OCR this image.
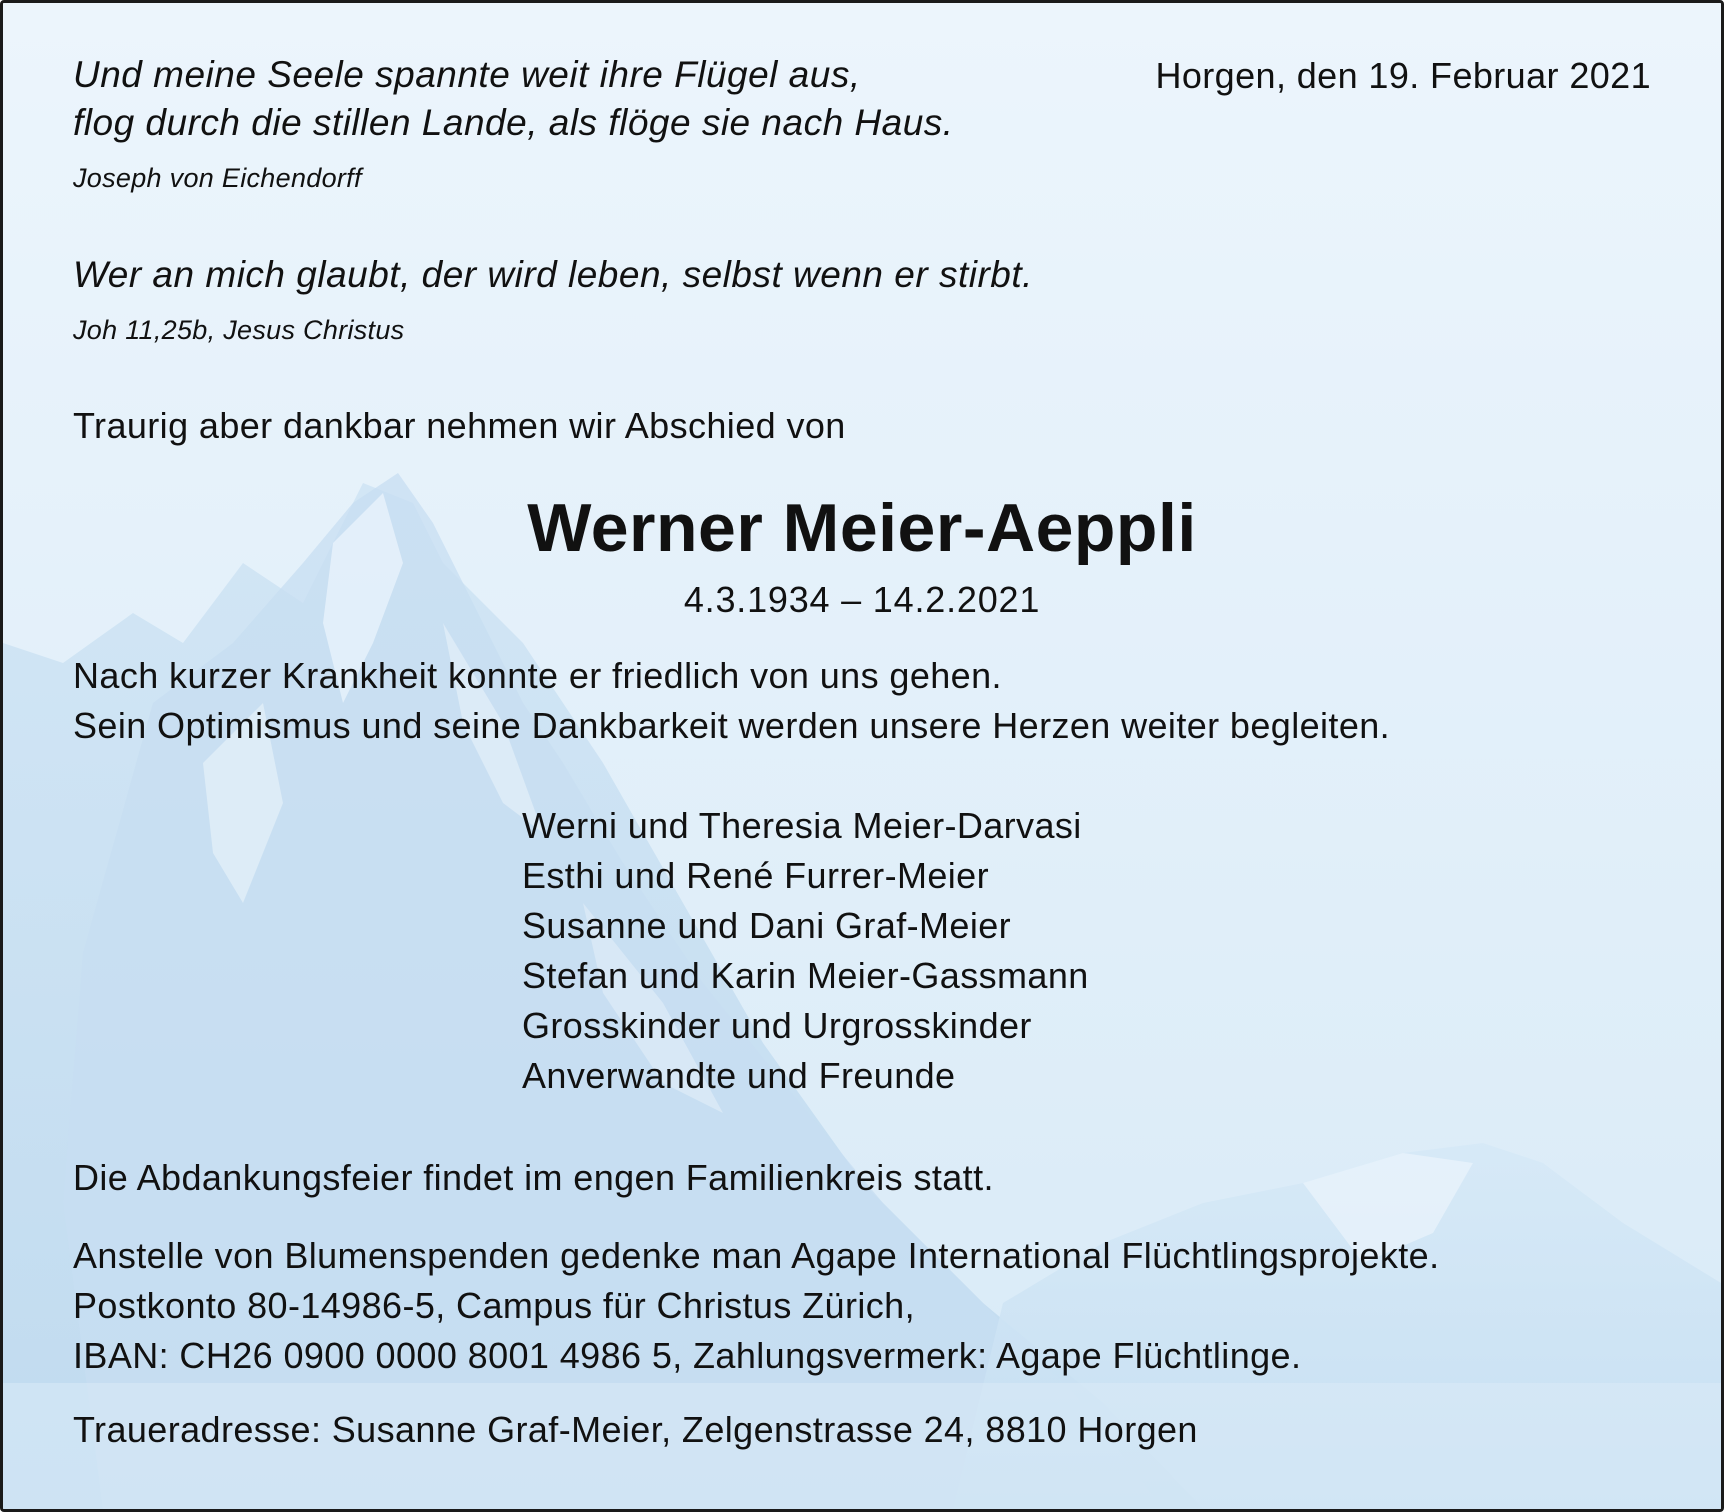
Und meine Seele spannte weit ihre Flügel aus,
flog durch die stillen Lande, als flöge sie nach Haus.
Joseph von Eichendorff
Horgen, den 19. Februar 2021
Wer an mich glaubt, der wird leben, selbst wenn er stirbt.
Joh 11,25b, Jesus Christus
Traurig aber dankbar nehmen wir Abschied von
Werner Meier-Aeppli
4.3.1934 – 14.2.2021
Nach kurzer Krankheit konnte er friedlich von uns gehen.
Sein Optimismus und seine Dankbarkeit werden unsere Herzen weiter begleiten.
Werni und Theresia Meier-Darvasi
Esthi und René Furrer-Meier
Susanne und Dani Graf-Meier
Stefan und Karin Meier-Gassmann
Grosskinder und Urgrosskinder
Anverwandte und Freunde
Die Abdankungsfeier findet im engen Familienkreis statt.
Anstelle von Blumenspenden gedenke man Agape International Flüchtlingsprojekte.
Postkonto 80-14986-5, Campus für Christus Zürich,
IBAN: CH26 0900 0000 8001 4986 5, Zahlungsvermerk: Agape Flüchtlinge.
Traueradresse: Susanne Graf-Meier, Zelgenstrasse 24, 8810 Horgen
